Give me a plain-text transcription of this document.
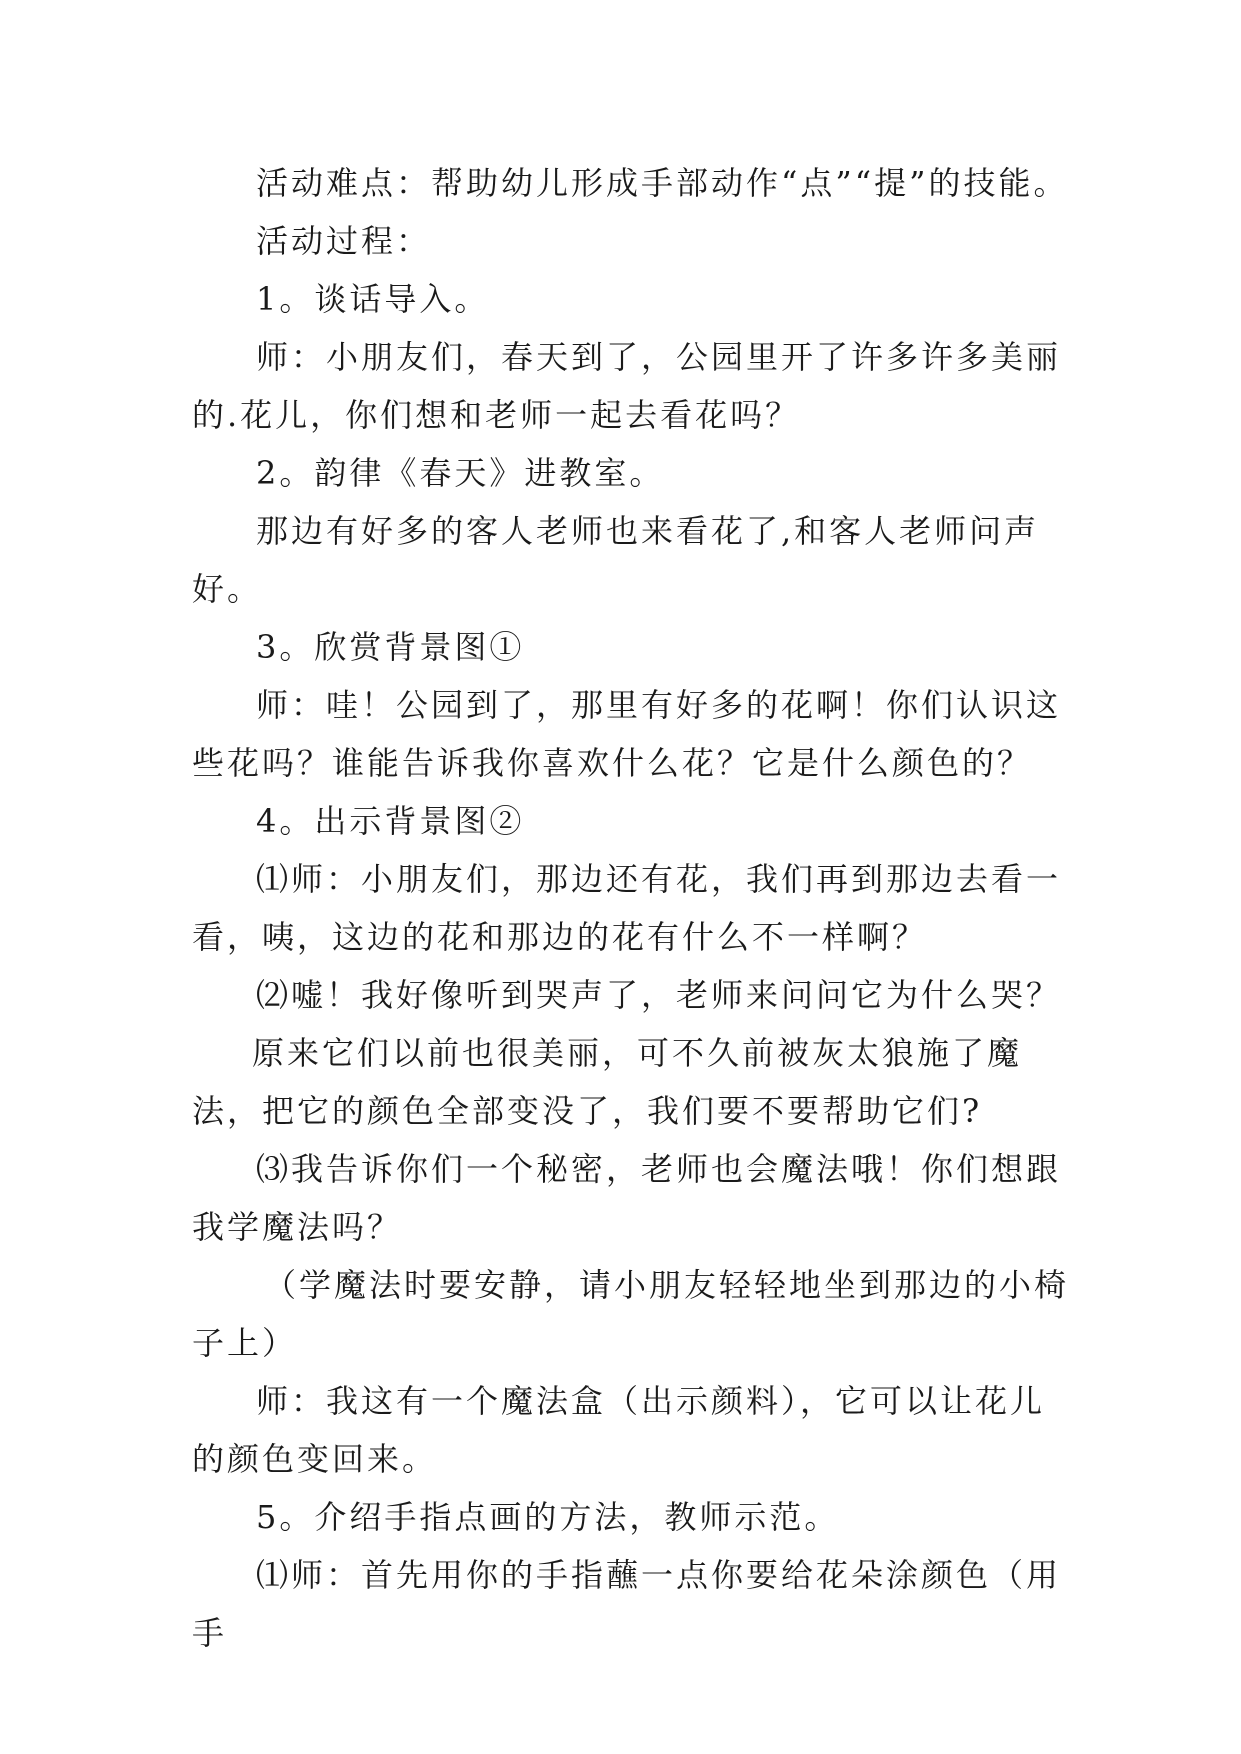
活动难点：帮助幼儿形成手部动作“点”“提”的技能。

活动过程：

1。谈话导入。

师：小朋友们，春天到了，公园里开了许多许多美丽的.花儿，你们想和老师一起去看花吗？

2。韵律《春天》进教室。

那边有好多的客人老师也来看花了,和客人老师问声好。

3。欣赏背景图①

师：哇！公园到了，那里有好多的花啊！你们认识这些花吗？谁能告诉我你喜欢什么花？它是什么颜色的？

4。出示背景图②

⑴师：小朋友们，那边还有花，我们再到那边去看一看，咦，这边的花和那边的花有什么不一样啊？

⑵嘘！我好像听到哭声了，老师来问问它为什么哭？

原来它们以前也很美丽，可不久前被灰太狼施了魔法，把它的颜色全部变没了，我们要不要帮助它们?

⑶我告诉你们一个秘密，老师也会魔法哦！你们想跟我学魔法吗？

（学魔法时要安静，请小朋友轻轻地坐到那边的小椅子上）

师：我这有一个魔法盒（出示颜料），它可以让花儿的颜色变回来。

5。介绍手指点画的方法，教师示范。

⑴师：首先用你的手指蘸一点你要给花朵涂颜色（用手
